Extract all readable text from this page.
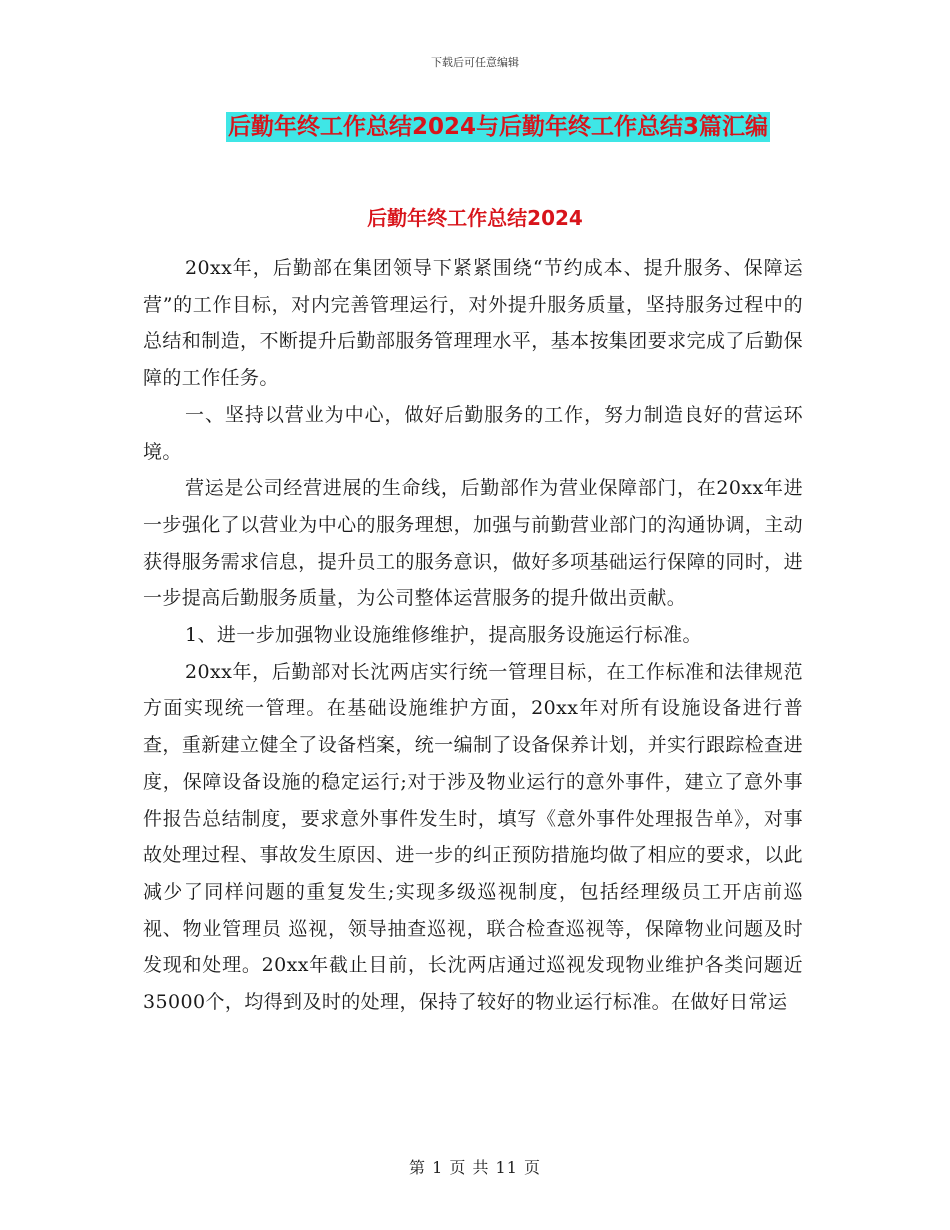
下载后可任意编辑
后勤年终工作总结2024与后勤年终工作总结3篇汇编
后勤年终工作总结2024

20xx年，后勤部在集团领导下紧紧围绕“节约成本、提升服务、保障运营”的工作目标，对内完善管理运行，对外提升服务质量，坚持服务过程中的总结和制造，不断提升后勤部服务管理理水平，基本按集团要求完成了后勤保障的工作任务。

一、坚持以营业为中心，做好后勤服务的工作，努力制造良好的营运环境。

营运是公司经营进展的生命线，后勤部作为营业保障部门，在20xx年进一步强化了以营业为中心的服务理想，加强与前勤营业部门的沟通协调，主动获得服务需求信息，提升员工的服务意识，做好多项基础运行保障的同时，进一步提高后勤服务质量，为公司整体运营服务的提升做出贡献。

1、进一步加强物业设施维修维护，提高服务设施运行标准。

20xx年，后勤部对长沈两店实行统一管理目标，在工作标准和法律规范方面实现统一管理。在基础设施维护方面，20xx年对所有设施设备进行普查，重新建立健全了设备档案，统一编制了设备保养计划，并实行跟踪检查进度，保障设备设施的稳定运行;对于涉及物业运行的意外事件，建立了意外事件报告总结制度，要求意外事件发生时，填写《意外事件处理报告单》，对事故处理过程、事故发生原因、进一步的纠正预防措施均做了相应的要求，以此减少了同样问题的重复发生;实现多级巡视制度，包括经理级员工开店前巡视、物业管理员 巡视，领导抽查巡视，联合检查巡视等，保障物业问题及时发现和处理。20xx年截止目前，长沈两店通过巡视发现物业维护各类问题近35000个，均得到及时的处理，保持了较好的物业运行标准。在做好日常运

第 1 页 共 11 页
